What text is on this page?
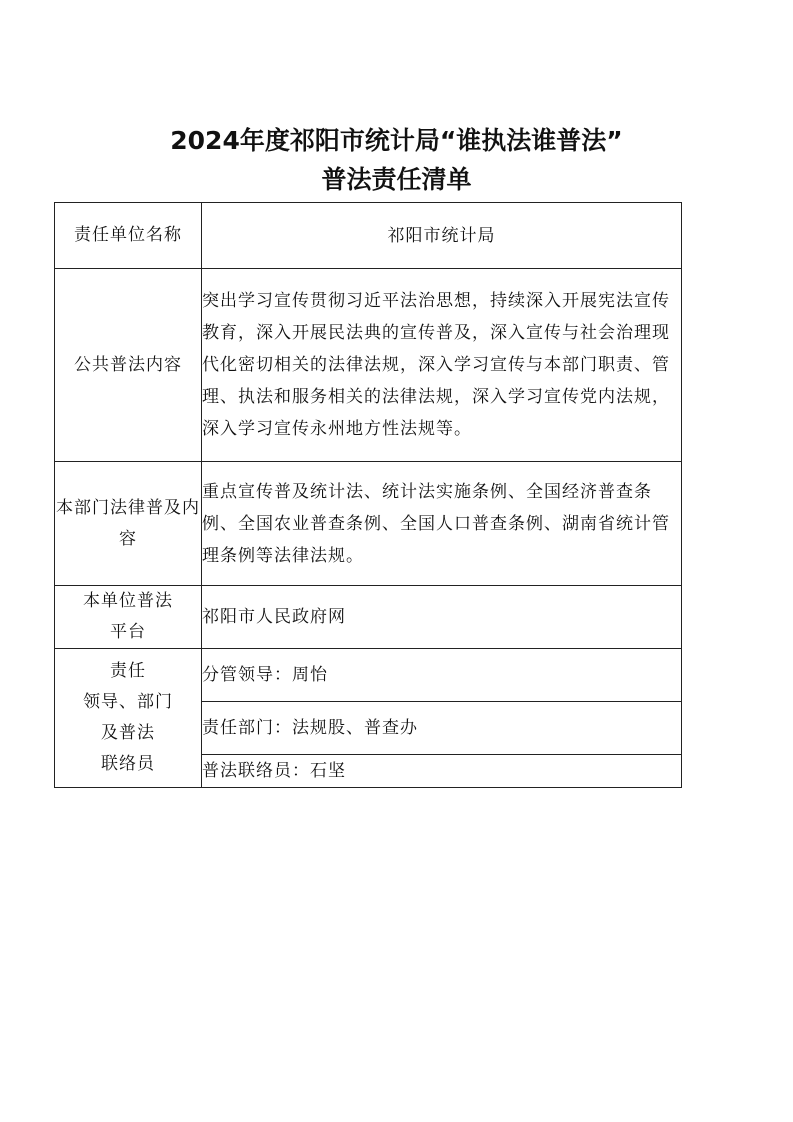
2024年度祁阳市统计局“谁执法谁普法”
普法责任清单
责任单位名称	祁阳市统计局
公共普法内容	突出学习宣传贯彻习近平法治思想，持续深入开展宪法宣传教育，深入开展民法典的宣传普及，深入宣传与社会治理现代化密切相关的法律法规，深入学习宣传与本部门职责、管理、执法和服务相关的法律法规，深入学习宣传党内法规，深入学习宣传永州地方性法规等。
本部门法律普及内容	重点宣传普及统计法、统计法实施条例、全国经济普查条例、全国农业普查条例、全国人口普查条例、湖南省统计管理条例等法律法规。

本单位普法
平台	祁阳市人民政府网

责任
领导、部门
及普法
联络员	分管领导：周怡
	责任部门：法规股、普查办
	普法联络员：石坚
